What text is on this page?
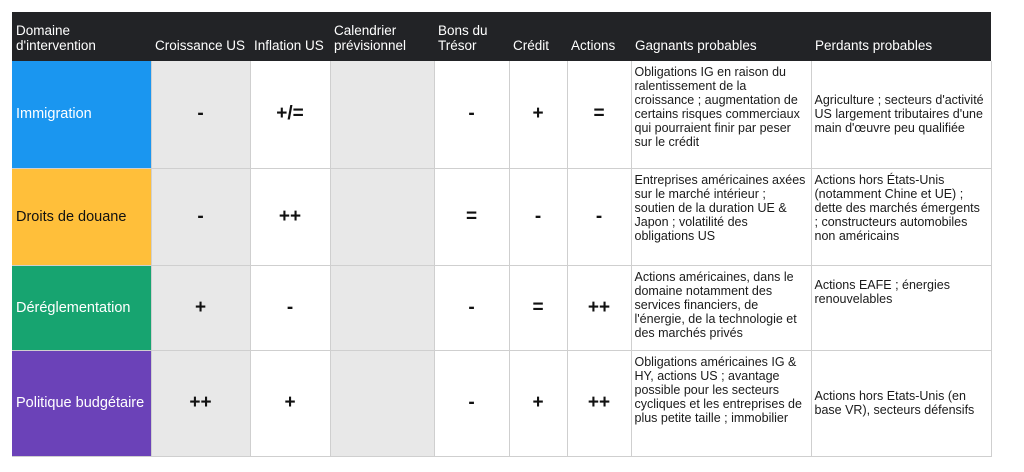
Domaine d'intervention	Croissance US	Inflation US	Calendrier prévisionnel	Bons du Trésor	Crédit	Actions	Gagnants probables	Perdants probables
Immigration	-	+/=		-	+	=	Obligations IG en raison du ralentissement de la croissance ; augmentation de certains risques commerciaux qui pourraient finir par peser sur le crédit	Agriculture ; secteurs d'activité US largement tributaires d'une main d'œuvre peu qualifiée
Droits de douane	-	++		=	-	-	Entreprises américaines axées sur le marché intérieur ; soutien de la duration UE & Japon ; volatilité des obligations US	Actions hors États-Unis (notamment Chine et UE) ; dette des marchés émergents ; constructeurs automobiles non américains
Déréglementation	+	-		-	=	++	Actions américaines, dans le domaine notamment des services financiers, de l'énergie, de la technologie et des marchés privés	Actions EAFE ; énergies renouvelables
Politique budgétaire	++	+		-	+	++	Obligations américaines IG & HY, actions US ; avantage possible pour les secteurs cycliques et les entreprises de plus petite taille ; immobilier	Actions hors Etats-Unis (en base VR), secteurs défensifs
